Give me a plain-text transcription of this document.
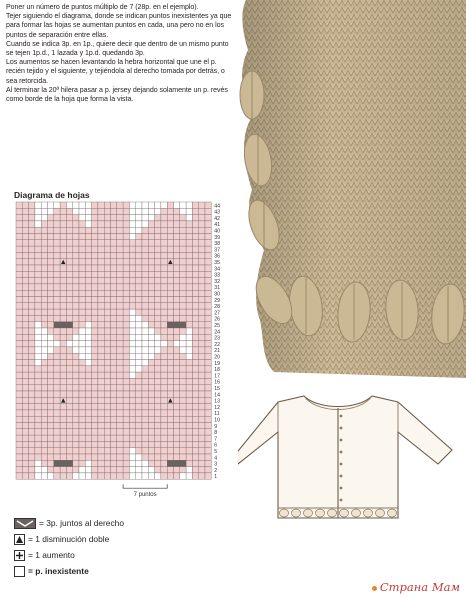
Poner un número de puntos múltiplo de 7 (28p. en el ejemplo).

Tejer siguiendo el diagrama, donde se indican puntos inexistentes ya que para formar las hojas se aumentan puntos en cada, una pero no en los puntos de separación entre ellas.

Cuando se indica 3p. en 1p., quiere decir que dentro de un mismo punto se tejen 1p.d., 1 lazada y 1p.d. quedando 3p.

Los aumentos se hacen levantando la hebra horizontal que une el p. recién tejido y el siguiente, y tejiéndola al derecho tomada por detrás, o sea retorcida.

Al terminar la 20ª hilera pasar a p. jersey dejando solamente un p. revés como borde de la hoja que forma la vista.

Diagrama de hojas
44
43
42
41
40
39
38
37
36
35
34
33
32
31
30
29
28
27
26
25
24
23
22
21
20
19
18
17
16
15
14
13
12
11
10
9
8
7
6
5
4
3
2
1
7 puntos
= 3p. juntos al derecho
= 1 disminución doble
= 1 aumento
= p. inexistente
Страна Мам
